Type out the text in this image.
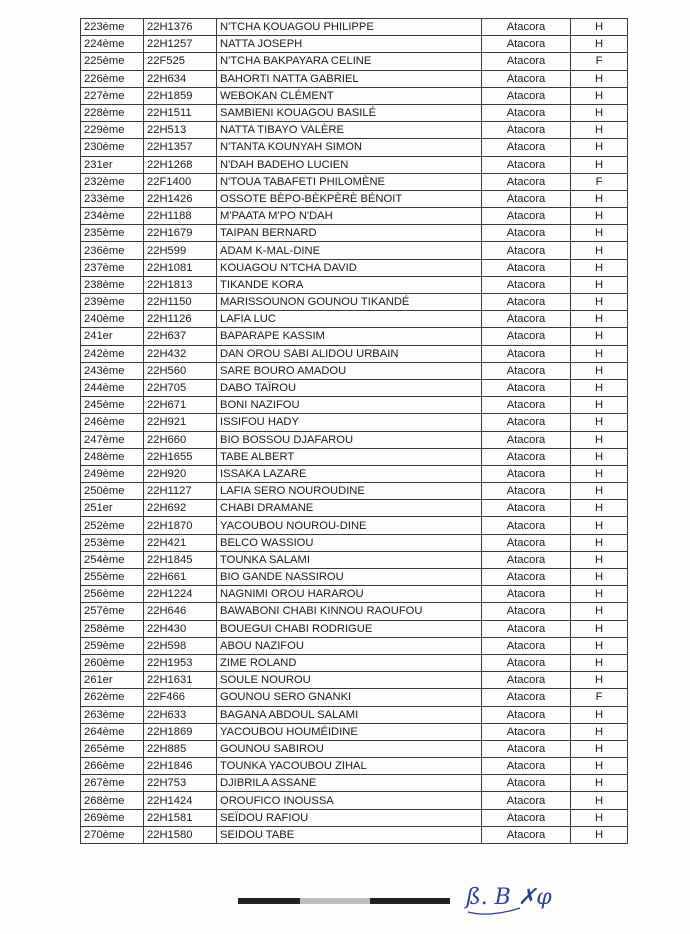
223ème	22H1376	N'TCHA KOUAGOU PHILIPPE	Atacora	H
224ème	22H1257	NATTA JOSEPH	Atacora	H
225ème	22F525	N'TCHA BAKPAYARA CELINE	Atacora	F
226ème	22H634	BAHORTI NATTA GABRIEL	Atacora	H
227ème	22H1859	WEBOKAN CLÉMENT	Atacora	H
228ème	22H1511	SAMBIENI KOUAGOU BASILÉ	Atacora	H
229ème	22H513	NATTA TIBAYO VALÈRE	Atacora	H
230ème	22H1357	N'TANTA KOUNYAH SIMON	Atacora	H
231er	22H1268	N'DAH BADEHO LUCIEN	Atacora	H
232ème	22F1400	N'TOUA TABAFETI PHILOMÈNE	Atacora	F
233ème	22H1426	OSSOTE BÈPO-BÈKPÈRÈ BÉNOIT	Atacora	H
234ème	22H1188	M'PAATA M'PO N'DAH	Atacora	H
235ème	22H1679	TAIPAN BERNARD	Atacora	H
236ème	22H599	ADAM K-MAL-DINE	Atacora	H
237ème	22H1081	KOUAGOU N'TCHA DAVID	Atacora	H
238ème	22H1813	TIKANDE KORA	Atacora	H
239ème	22H1150	MARISSOUNON GOUNOU TIKANDÉ	Atacora	H
240ème	22H1126	LAFIA LUC	Atacora	H
241er	22H637	BAPARAPE KASSIM	Atacora	H
242ème	22H432	DAN OROU SABI ALIDOU URBAIN	Atacora	H
243ème	22H560	SARE BOURO AMADOU	Atacora	H
244ème	22H705	DABO TAÏROU	Atacora	H
245ème	22H671	BONI NAZIFOU	Atacora	H
246ème	22H921	ISSIFOU HADY	Atacora	H
247ème	22H660	BIO BOSSOU DJAFAROU	Atacora	H
248ème	22H1655	TABE ALBERT	Atacora	H
249ème	22H920	ISSAKA LAZARE	Atacora	H
250ème	22H1127	LAFIA SERO NOUROUDINE	Atacora	H
251er	22H692	CHABI DRAMANE	Atacora	H
252ème	22H1870	YACOUBOU NOUROU-DINE	Atacora	H
253ème	22H421	BELCO WASSIOU	Atacora	H
254ème	22H1845	TOUNKA SALAMI	Atacora	H
255ème	22H661	BIO GANDE NASSIROU	Atacora	H
256ème	22H1224	NAGNIMI OROU HARAROU	Atacora	H
257ème	22H646	BAWABONI CHABI KINNOU RAOUFOU	Atacora	H
258ème	22H430	BOUEGUI CHABI RODRIGUE	Atacora	H
259ème	22H598	ABOU NAZIFOU	Atacora	H
260ème	22H1953	ZIME ROLAND	Atacora	H
261er	22H1631	SOULE NOUROU	Atacora	H
262ème	22F466	GOUNOU SERO GNANKI	Atacora	F
263ème	22H633	BAGANA ABDOUL SALAMI	Atacora	H
264ème	22H1869	YACOUBOU HOUMÉIDINE	Atacora	H
265ème	22H885	GOUNOU SABIROU	Atacora	H
266ème	22H1846	TOUNKA YACOUBOU ZIHAL	Atacora	H
267ème	22H753	DJIBRILA ASSANE	Atacora	H
268ème	22H1424	OROUFICO INOUSSA	Atacora	H
269ème	22H1581	SEÏDOU RAFIOU	Atacora	H
270ème	22H1580	SEIDOU TABE	Atacora	H
ß. B ✗φ
